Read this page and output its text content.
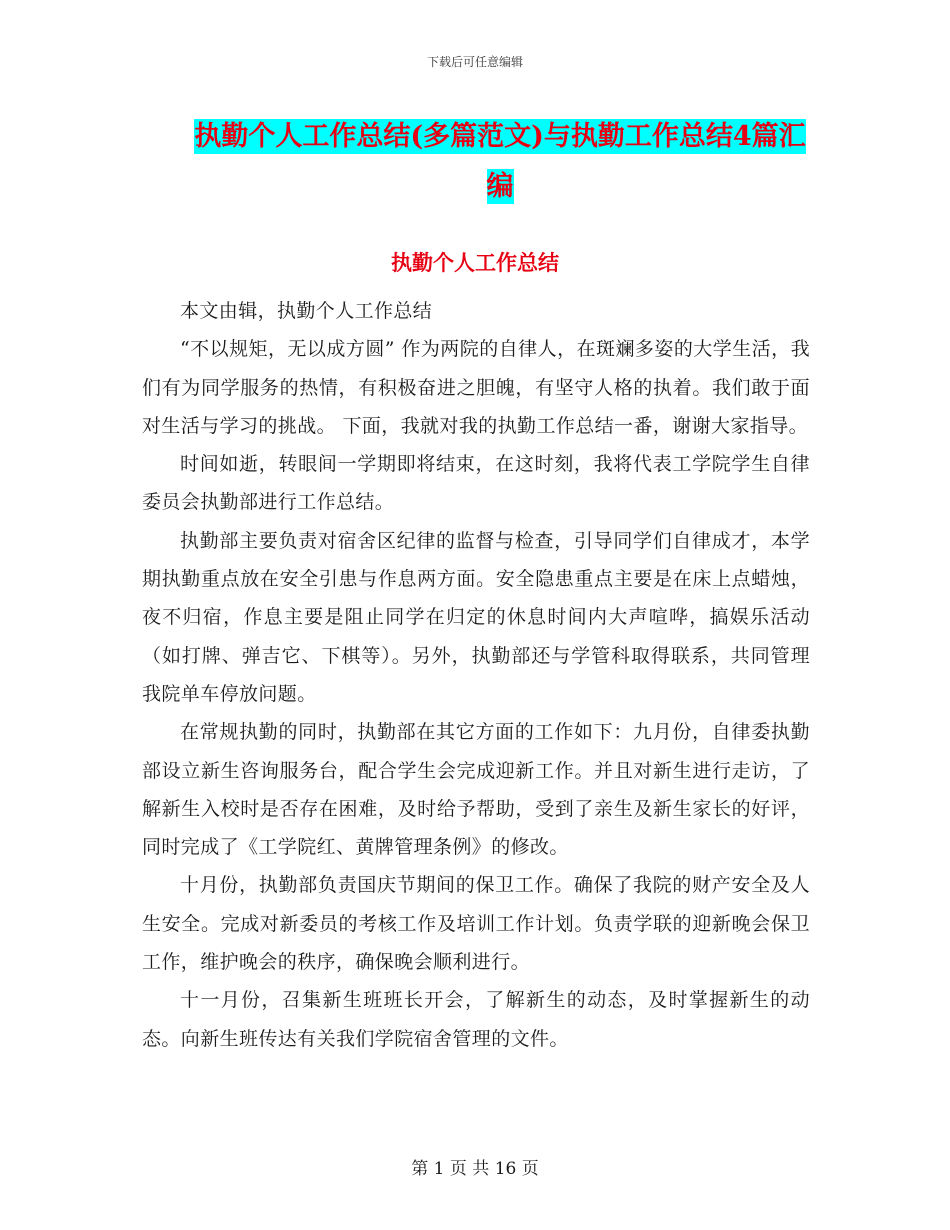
下载后可任意编辑
执勤个人工作总结(多篇范文)与执勤工作总结4篇汇
编
执勤个人工作总结

本文由辑，执勤个人工作总结

“不以规矩，无以成方圆” 作为两院的自律人，在斑斓多姿的大学生活，我们有为同学服务的热情，有积极奋进之胆魄，有坚守人格的执着。我们敢于面对生活与学习的挑战。 下面，我就对我的执勤工作总结一番，谢谢大家指导。

时间如逝，转眼间一学期即将结束，在这时刻，我将代表工学院学生自律委员会执勤部进行工作总结。

执勤部主要负责对宿舍区纪律的监督与检查，引导同学们自律成才，本学期执勤重点放在安全引患与作息两方面。安全隐患重点主要是在床上点蜡烛，夜不归宿，作息主要是阻止同学在归定的休息时间内大声喧哗，搞娱乐活动（如打牌、弹吉它、下棋等）。另外，执勤部还与学管科取得联系，共同管理我院单车停放问题。

在常规执勤的同时，执勤部在其它方面的工作如下：九月份，自律委执勤部设立新生咨询服务台，配合学生会完成迎新工作。并且对新生进行走访，了解新生入校时是否存在困难，及时给予帮助，受到了亲生及新生家长的好评，同时完成了《工学院红、黄牌管理条例》的修改。

十月份，执勤部负责国庆节期间的保卫工作。确保了我院的财产安全及人生安全。完成对新委员的考核工作及培训工作计划。负责学联的迎新晚会保卫工作，维护晚会的秩序，确保晚会顺利进行。

十一月份，召集新生班班长开会，了解新生的动态，及时掌握新生的动态。向新生班传达有关我们学院宿舍管理的文件。

第 1 页 共 16 页
